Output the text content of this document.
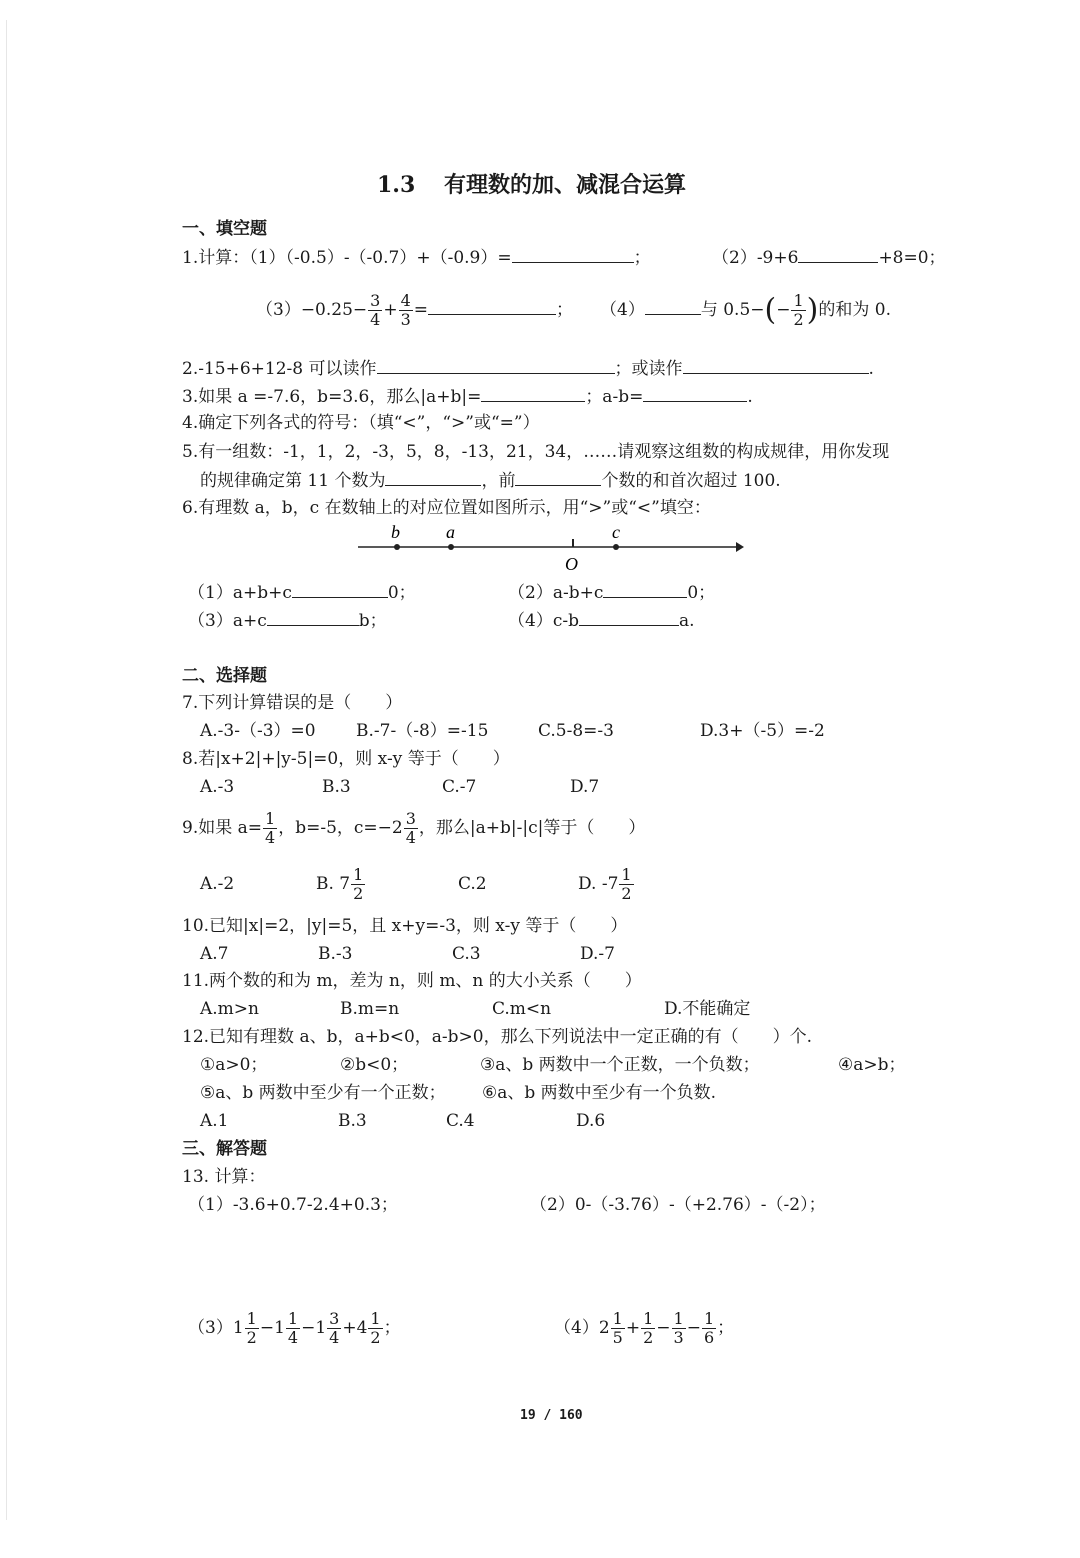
1.3 有理数的加、减混合运算
一、填空题
1.计算：（1）（-0.5）-（-0.7）+（-0.9）=	；	（2）-9+6	+8=0；
$(3)-0.25- \frac{3}{4} + \frac{4}{3}$ =	； （4）	与 $0.5-(- \frac{1}{2}$ )的和为 0.
2.-15+6+12-8 可以读作	；或读作	.
3.如果 a =-7.6，b=3.6，那么|a+b|=	；a-b=	.
4.确定下列各式的符号：（填“<”，“>”或“=”）
5.有一组数：-1，1，2，-3，5，8，-13，21，34，……请观察这组数的构成规律，用你发现
的规律确定第 11 个数为	，前	个数的和首次超过 100.
6.有理数 a，b，c 在数轴上的对应位置如图所示，用“>”或“<”填空：
b	a
O
c
（1）a+b+c	0；	（2）a-b+c	0；
（3）a+c	b；	（4）c-b	a.
二、选择题
7.下列计算错误的是（　　）
A.-3-（-3）=0 B.-7-（-8）=-15	C.5-8=-3	D.3+（-5）=-2
8.若|x+2|+|y-5|=0，则 x-y 等于（　　）
A.-3	B.3	C.-7	D.7
9.如果 $a= \frac{1}{4}$ ，b=-5，$c=-2 \frac{3}{4}$ ，那么|a+b|-|c|等于（　　）
A.-2	B. $7 \frac{1}{2}$	C.2	D. $-7 \frac{1}{2}$
10.已知|x|=2，|y|=5，且 x+y=-3，则 x-y 等于（　　）
A.7	B.-3	C.3	D.-7
11.两个数的和为 m，差为 n，则 m、n 的大小关系（　　）
A.m>n	B.m=n	C.m<n	D.不能确定
12.已知有理数 a、b，a+b<0，a-b>0，那么下列说法中一定正确的有（　　）个.
①a>0；	②b<0；	③a、b 两数中一个正数，一个负数；	④a>b；
⑤a、b 两数中至少有一个正数； ⑥a、b 两数中至少有一个负数.
A.1	B.3	C.4	D.6
三、解答题
13. 计算：
（1）-3.6+0.7-2.4+0.3；	（2）0-（-3.76）-（+2.76）-（-2）；
$(3)1 \frac{1}{2} -1 \frac{1}{4} -1 \frac{3}{4} +4 \frac{1}{2}$ ；	$(4)2 \frac{1}{5} + \frac{1}{2} - \frac{1}{3} - \frac{1}{6}$ ；
19 / 160
